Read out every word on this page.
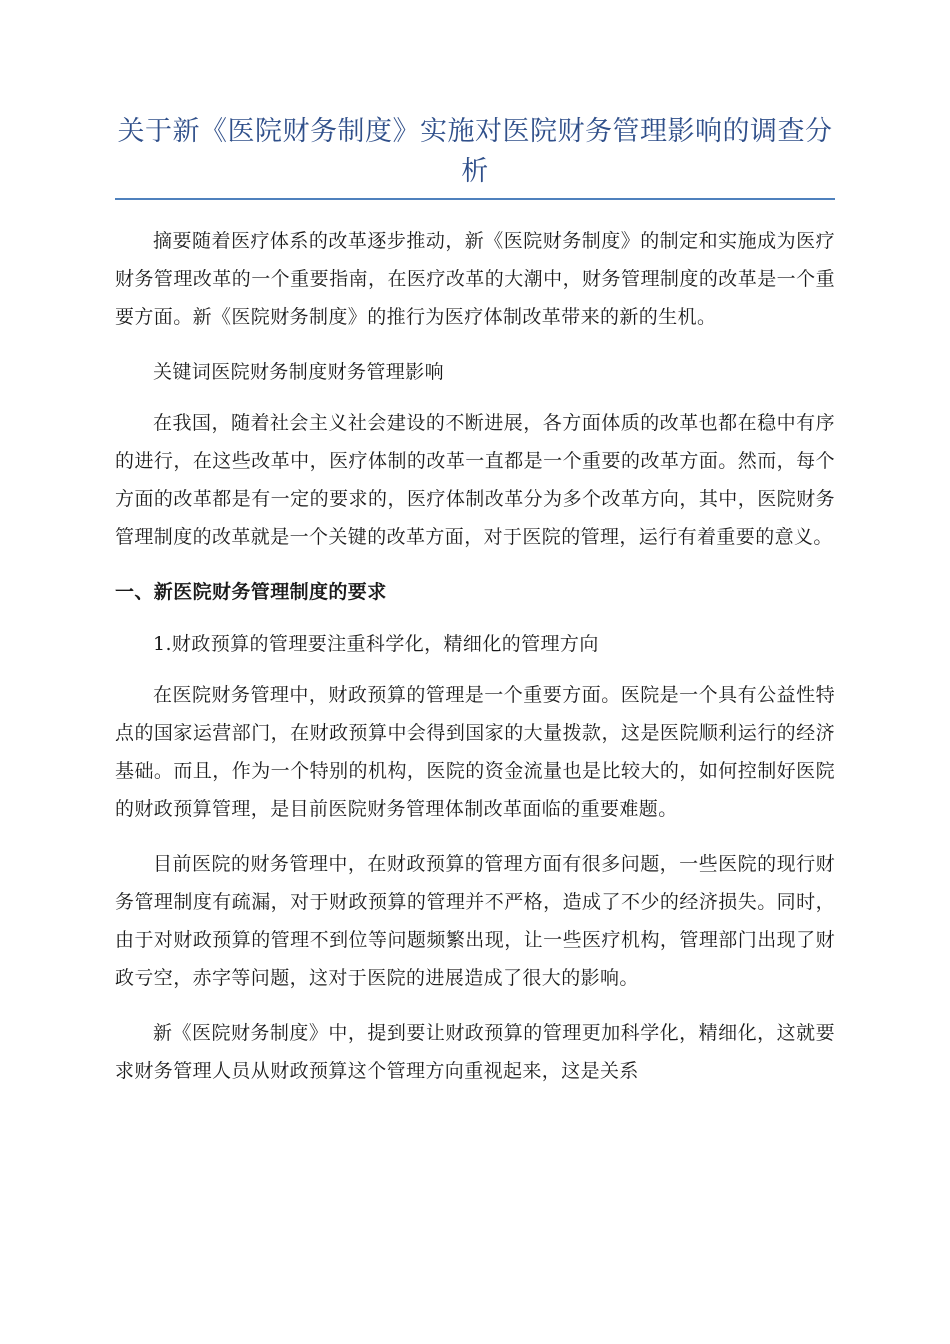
关于新《医院财务制度》实施对医院财务管理影响的调查分析

摘要随着医疗体系的改革逐步推动，新《医院财务制度》的制定和实施成为医疗财务管理改革的一个重要指南，在医疗改革的大潮中，财务管理制度的改革是一个重要方面。新《医院财务制度》的推行为医疗体制改革带来的新的生机。

关键词医院财务制度财务管理影响

在我国，随着社会主义社会建设的不断进展，各方面体质的改革也都在稳中有序的进行，在这些改革中，医疗体制的改革一直都是一个重要的改革方面。然而，每个方面的改革都是有一定的要求的，医疗体制改革分为多个改革方向，其中，医院财务管理制度的改革就是一个关键的改革方面，对于医院的管理，运行有着重要的意义。

一、新医院财务管理制度的要求

1.财政预算的管理要注重科学化，精细化的管理方向

在医院财务管理中，财政预算的管理是一个重要方面。医院是一个具有公益性特点的国家运营部门，在财政预算中会得到国家的大量拨款，这是医院顺利运行的经济基础。而且，作为一个特别的机构，医院的资金流量也是比较大的，如何控制好医院的财政预算管理，是目前医院财务管理体制改革面临的重要难题。

目前医院的财务管理中，在财政预算的管理方面有很多问题，一些医院的现行财务管理制度有疏漏，对于财政预算的管理并不严格，造成了不少的经济损失。同时，由于对财政预算的管理不到位等问题频繁出现，让一些医疗机构，管理部门出现了财政亏空，赤字等问题，这对于医院的进展造成了很大的影响。

新《医院财务制度》中，提到要让财政预算的管理更加科学化，精细化，这就要求财务管理人员从财政预算这个管理方向重视起来，这是关系
